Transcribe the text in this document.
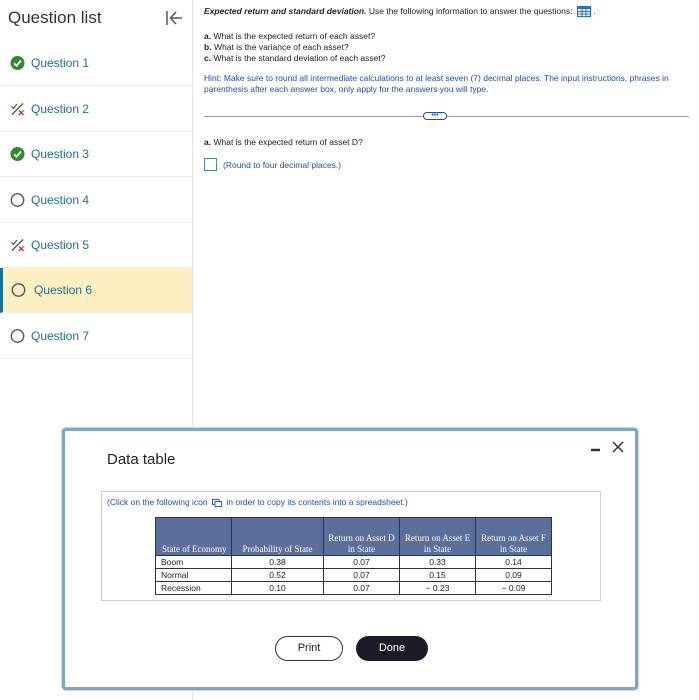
Question list
Question 1
Question 2
Question 3
Question 4
Question 5
Question 6
Question 7
Expected return and standard deviation. Use the following information to answer the questions: .
a. What is the expected return of each asset?
b. What is the variance of each asset?
c. What is the standard deviation of each asset?
Hint: Make sure to round all intermediate calculations to at least seven (7) decimal places. The input instructions, phrases in parenthesis after each answer box, only apply for the answers you will type.
•••
a. What is the expected return of asset D?
(Round to four decimal places.)
Data table
(Click on the following icon in order to copy its contents into a spreadsheet.)
State of Economy	Probability of State	Return on Asset D in State	Return on Asset E in State	Return on Asset F in State
Boom	0.38	0.07	0.33	0.14
Normal	0.52	0.07	0.15	0.09
Recession	0.10	0.07	− 0.23	− 0.09
Print	Done
